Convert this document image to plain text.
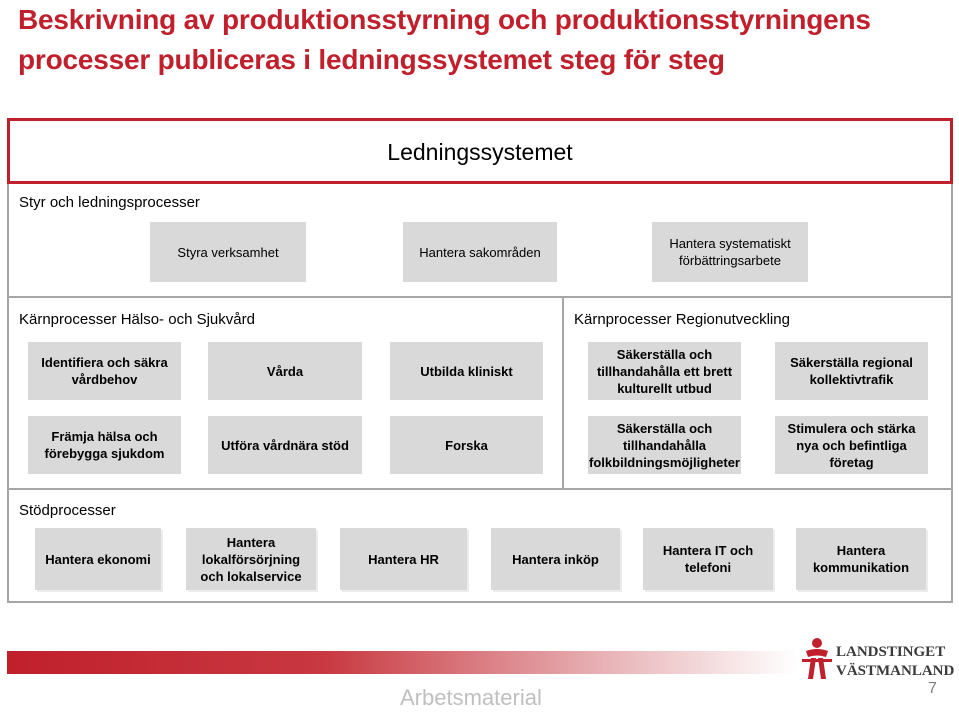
Beskrivning av produktionsstyrning och produktionsstyrningens processer publiceras i ledningssystemet steg för steg
Ledningssystemet
Styr och ledningsprocesser
Styra verksamhet	Hantera sakområden
Hantera systematiskt förbättringsarbete
Kärnprocesser Hälso- och Sjukvård
Identifiera och säkra vårdbehov
Vårda	Utbilda kliniskt
Främja hälsa och förebygga sjukdom
Utföra vårdnära stöd	Forska
Kärnprocesser Regionutveckling
Säkerställa och tillhandahålla ett brett kulturellt utbud
Säkerställa regional kollektivtrafik
Säkerställa och tillhandahålla folkbildningsmöjligheter
Stimulera och stärka nya och befintliga företag
Stödprocesser
Hantera ekonomi
Hantera lokalförsörjning och lokalservice
Hantera HR	Hantera inköp
Hantera IT och telefoni
Hantera kommunikation
LANDSTINGET
VÄSTMANLAND
Arbetsmaterial	7
